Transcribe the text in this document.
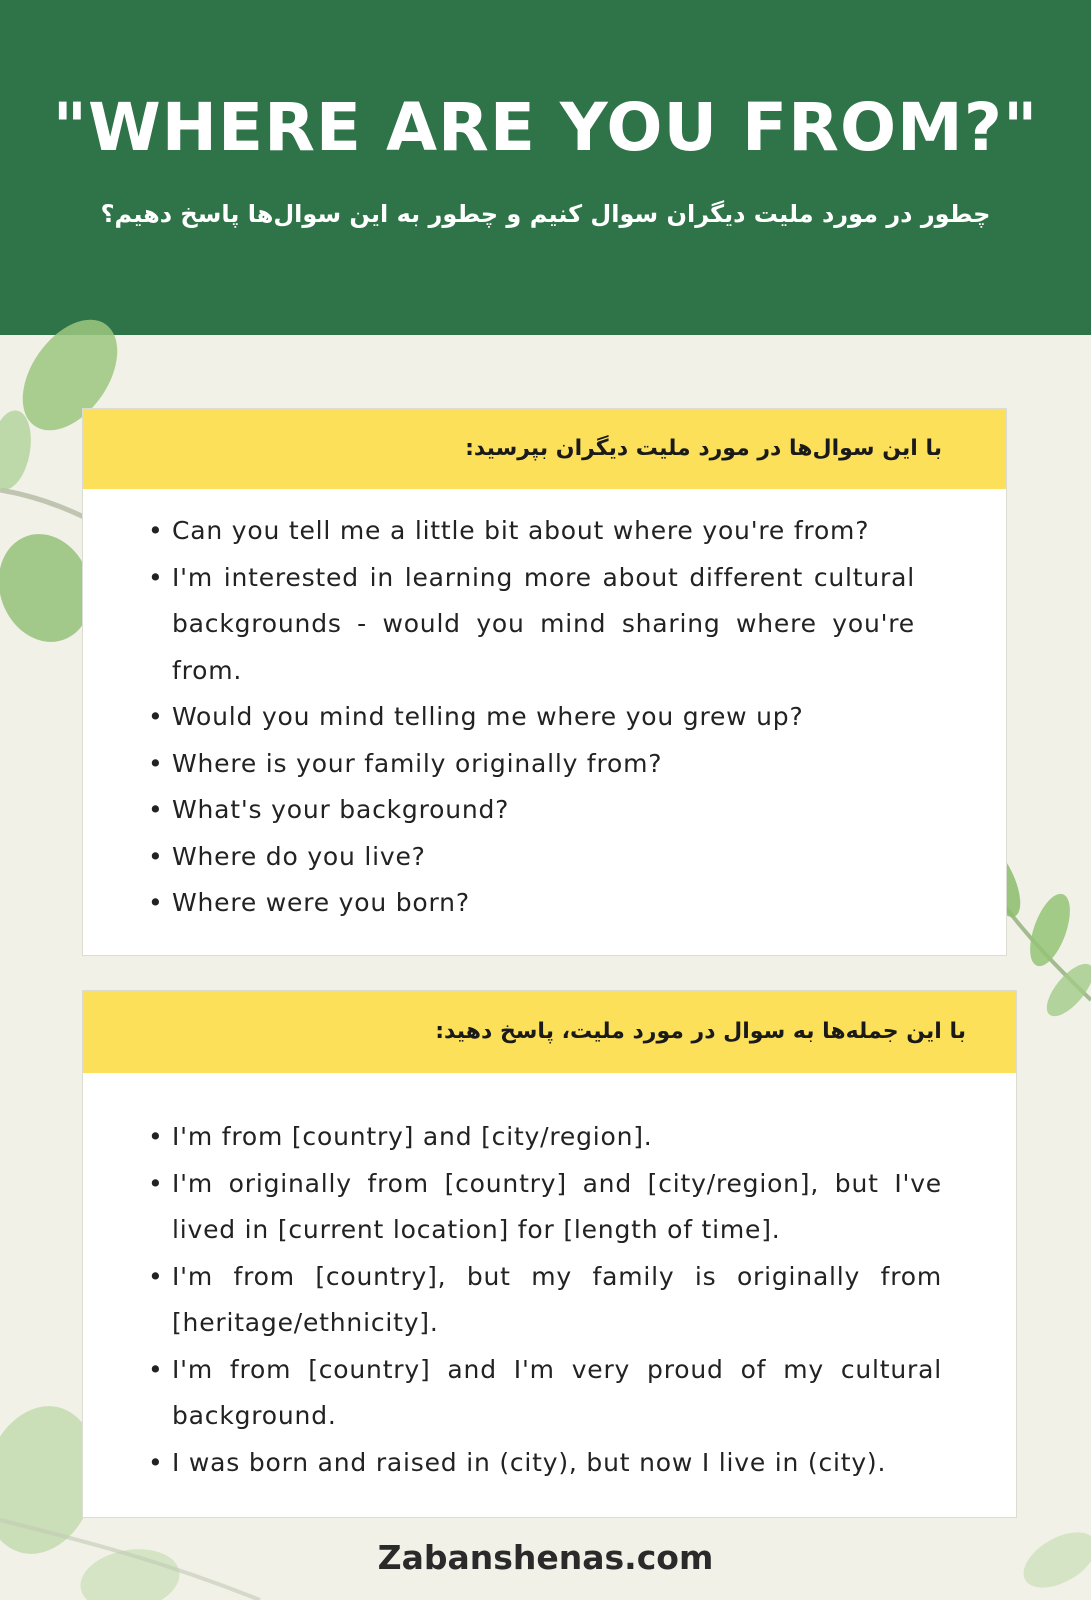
"WHERE ARE YOU FROM?"
چطور در مورد ملیت دیگران سوال کنیم و چطور به این سوال‌ها پاسخ دهیم؟
با این سوال‌ها در مورد ملیت دیگران بپرسید:
• Can you tell me a little bit about where you're from?
• I'm interested in learning more about different cultural backgrounds - would you mind sharing where you're from.
• Would you mind telling me where you grew up?
• Where is your family originally from?
• What's your background?
• Where do you live?
• Where were you born?
با این جمله‌ها به سوال در مورد ملیت، پاسخ دهید:
• I'm from [country] and [city/region].
• I'm originally from [country] and [city/region], but I've lived in [current location] for [length of time].
• I'm from [country], but my family is originally from [heritage/ethnicity].
• I'm from [country] and I'm very proud of my cultural background.
• I was born and raised in (city), but now I live in (city).
Zabanshenas.com
